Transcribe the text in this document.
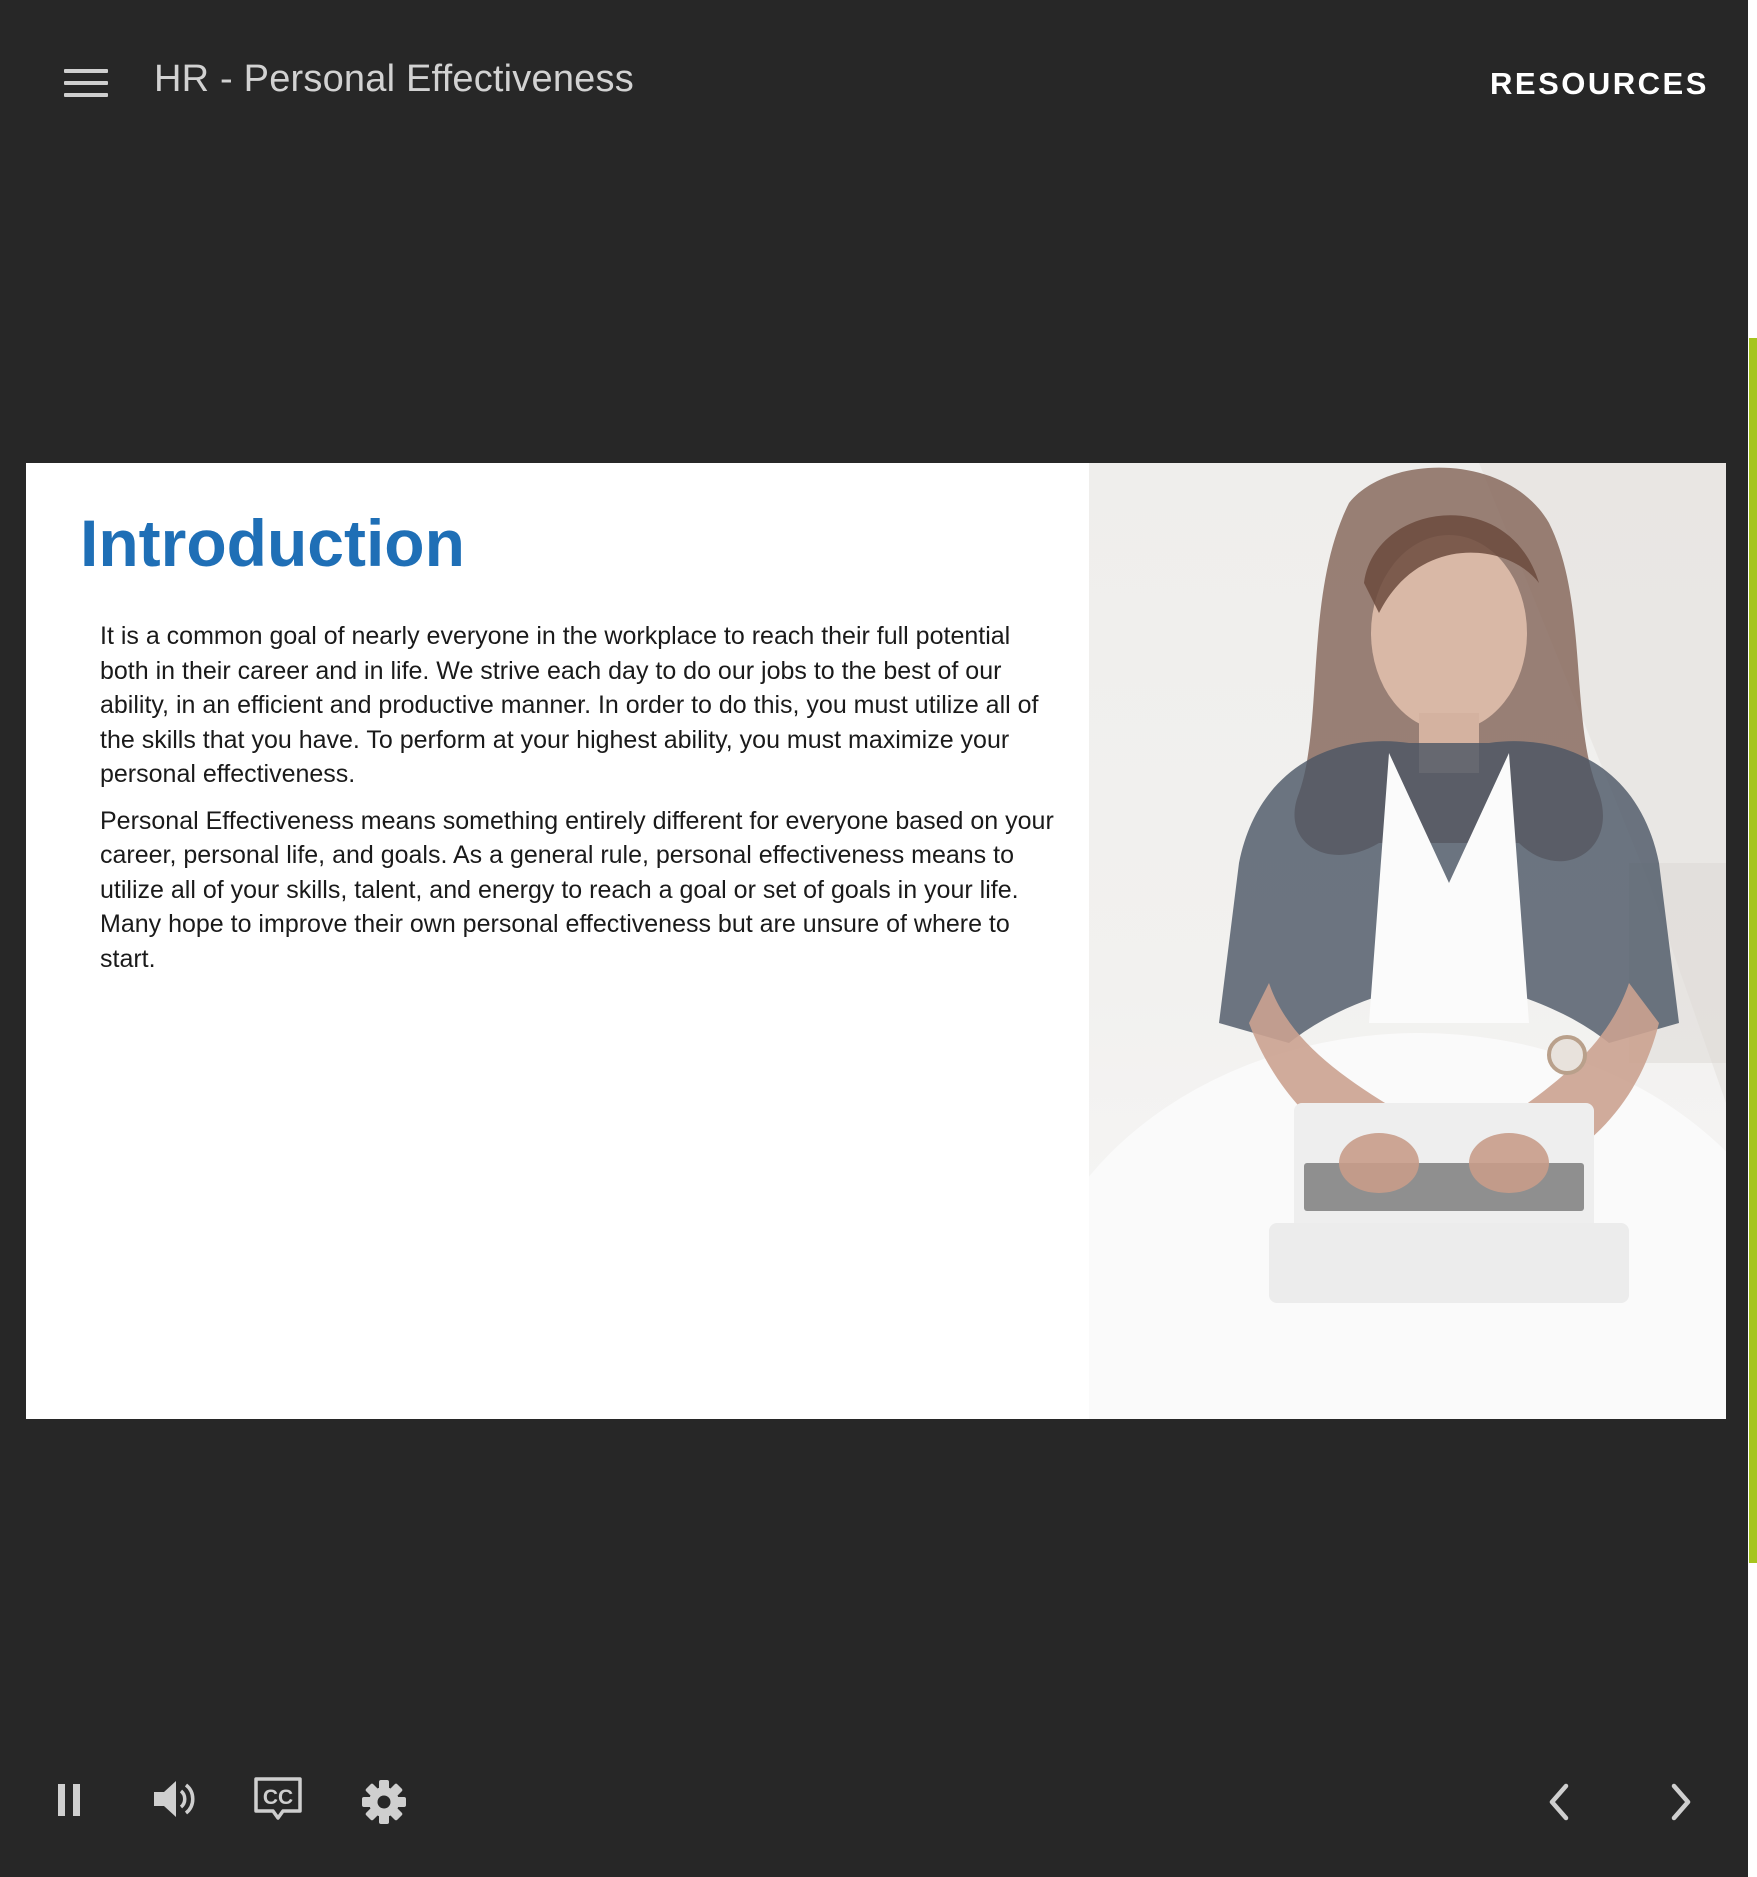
HR - Personal Effectiveness	RESOURCES
Introduction

It is a common goal of nearly everyone in the workplace to reach their full potential both in their career and in life. We strive each day to do our jobs to the best of our ability, in an efficient and productive manner. In order to do this, you must utilize all of the skills that you have. To perform at your highest ability, you must maximize your personal effectiveness.

Personal Effectiveness means something entirely different for everyone based on your career, personal life, and goals. As a general rule, personal effectiveness means to utilize all of your skills, talent, and energy to reach a goal or set of goals in your life. Many hope to improve their own personal effectiveness but are unsure of where to start.

CC
